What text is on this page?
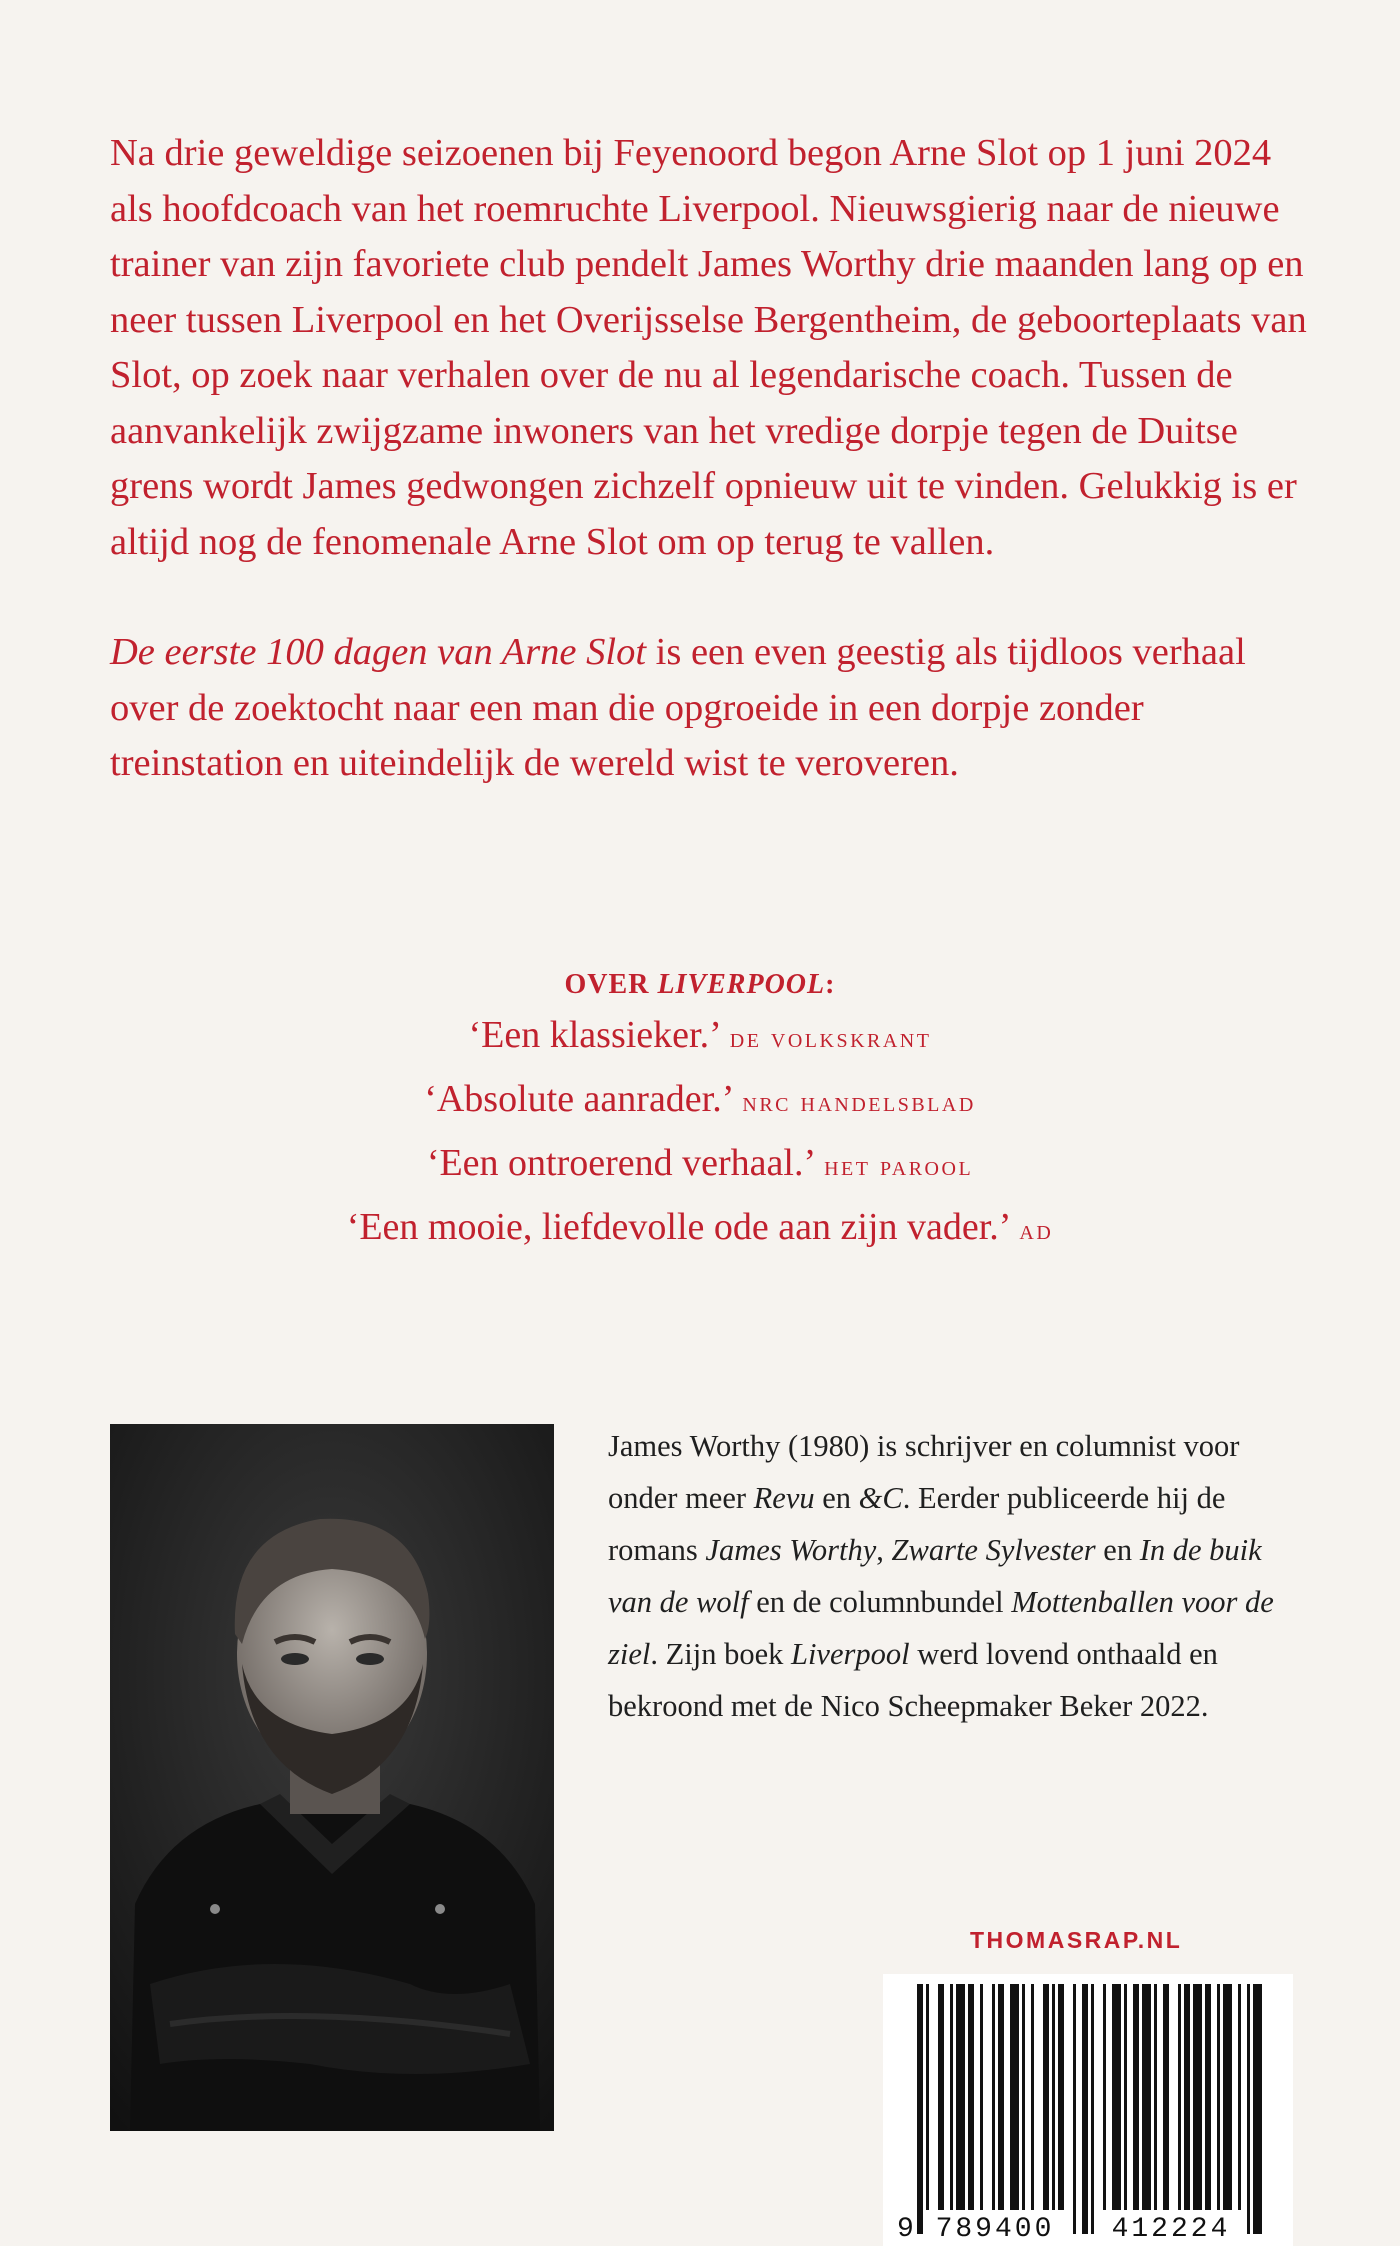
Na drie geweldige seizoenen bij Feyenoord begon Arne Slot op 1 juni 2024 als hoofdcoach van het roemruchte Liverpool. Nieuwsgierig naar de nieuwe trainer van zijn favoriete club pendelt James Worthy drie maanden lang op en neer tussen Liverpool en het Overijsselse Bergentheim, de geboorteplaats van Slot, op zoek naar verhalen over de nu al legendarische coach. Tussen de aanvankelijk zwijgzame inwoners van het vredige dorpje tegen de Duitse grens wordt James gedwongen zichzelf opnieuw uit te vinden. Gelukkig is er altijd nog de fenomenale Arne Slot om op terug te vallen.

De eerste 100 dagen van Arne Slot is een even geestig als tijdloos verhaal over de zoektocht naar een man die opgroeide in een dorpje zonder treinstation en uiteindelijk de wereld wist te veroveren.

OVER LIVERPOOL:
‘Een klassieker.’ de volkskrant
‘Absolute aanrader.’ nrc handelsblad
‘Een ontroerend verhaal.’ het parool
‘Een mooie, liefdevolle ode aan zijn vader.’ ad
James Worthy (1980) is schrijver en columnist voor onder meer Revu en &C. Eerder publiceerde hij de romans James Worthy, Zwarte Sylvester en In de buik van de wolf en de columnbundel Mottenballen voor de ziel. Zijn boek Liverpool werd lovend onthaald en bekroond met de Nico Scheepmaker Beker 2022.
THOMASRAP.NL
9 789400 412224
